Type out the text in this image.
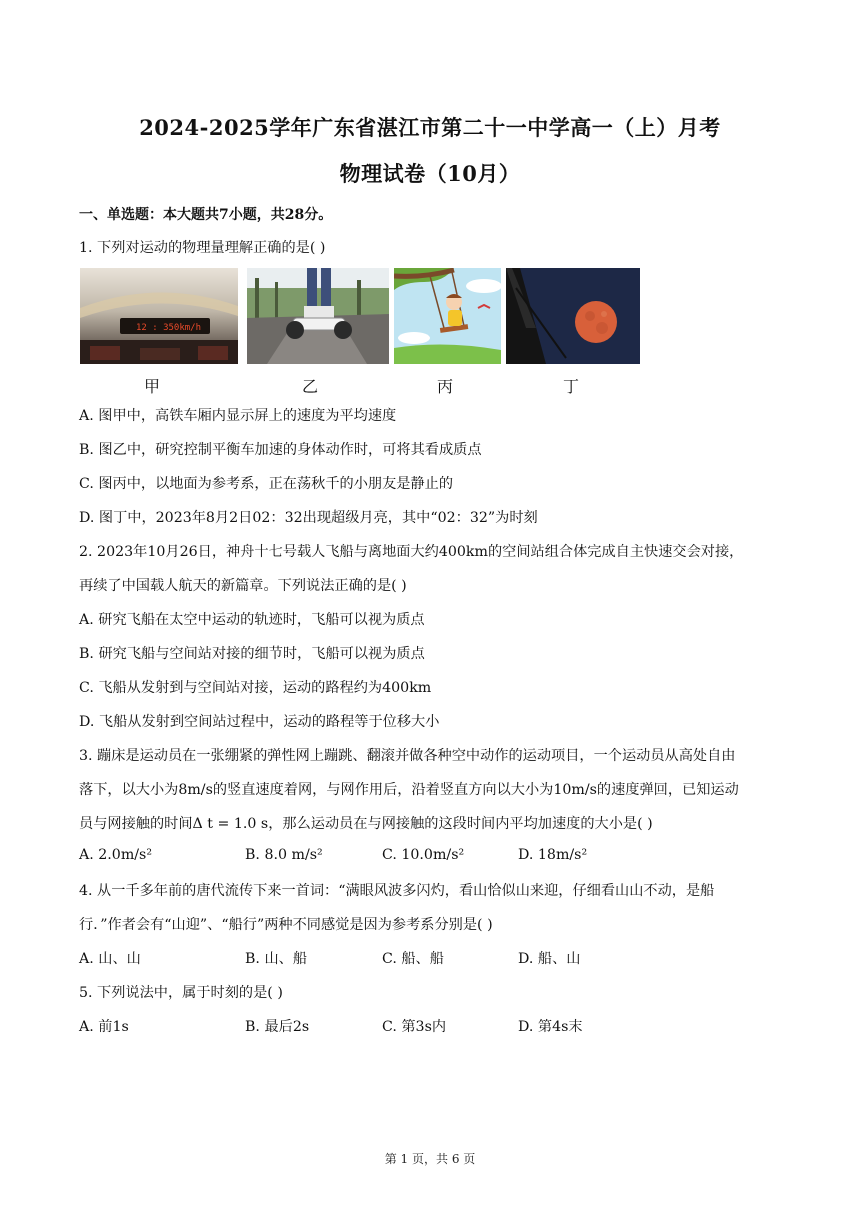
2024-2025学年广东省湛江市第二十一中学高一（上）月考
物理试卷（10月）
一、单选题：本大题共7小题，共28分。
1. 下列对运动的物理量理解正确的是( )
12 : 350km/h
甲	乙	丙	丁
A. 图甲中，高铁车厢内显示屏上的速度为平均速度
B. 图乙中，研究控制平衡车加速的身体动作时，可将其看成质点
C. 图丙中，以地面为参考系，正在荡秋千的小朋友是静止的
D. 图丁中，2023年8月2日02：32出现超级月亮，其中“02：32”为时刻
2. 2023年10月26日，神舟十七号载人飞船与离地面大约400km的空间站组合体完成自主快速交会对接，
再续了中国载人航天的新篇章。下列说法正确的是( )
A. 研究飞船在太空中运动的轨迹时，飞船可以视为质点
B. 研究飞船与空间站对接的细节时，飞船可以视为质点
C. 飞船从发射到与空间站对接，运动的路程约为400km
D. 飞船从发射到空间站过程中，运动的路程等于位移大小
3. 蹦床是运动员在一张绷紧的弹性网上蹦跳、翻滚并做各种空中动作的运动项目，一个运动员从高处自由
落下，以大小为8m/s的竖直速度着网，与网作用后，沿着竖直方向以大小为10m/s的速度弹回，已知运动
员与网接触的时间Δ t = 1.0 s，那么运动员在与网接触的这段时间内平均加速度的大小是( )
A. 2.0m/s²	B. 8.0 m/s²	C. 10.0m/s²	D. 18m/s²
4. 从一千多年前的唐代流传下来一首词：“满眼风波多闪灼，看山恰似山来迎，仔细看山山不动，是船
行．”作者会有“山迎”、“船行”两种不同感觉是因为参考系分别是( )
A. 山、山	B. 山、船	C. 船、船	D. 船、山
5. 下列说法中，属于时刻的是( )
A. 前1s	B. 最后2s	C. 第3s内	D. 第4s末
第 1 页，共 6 页
